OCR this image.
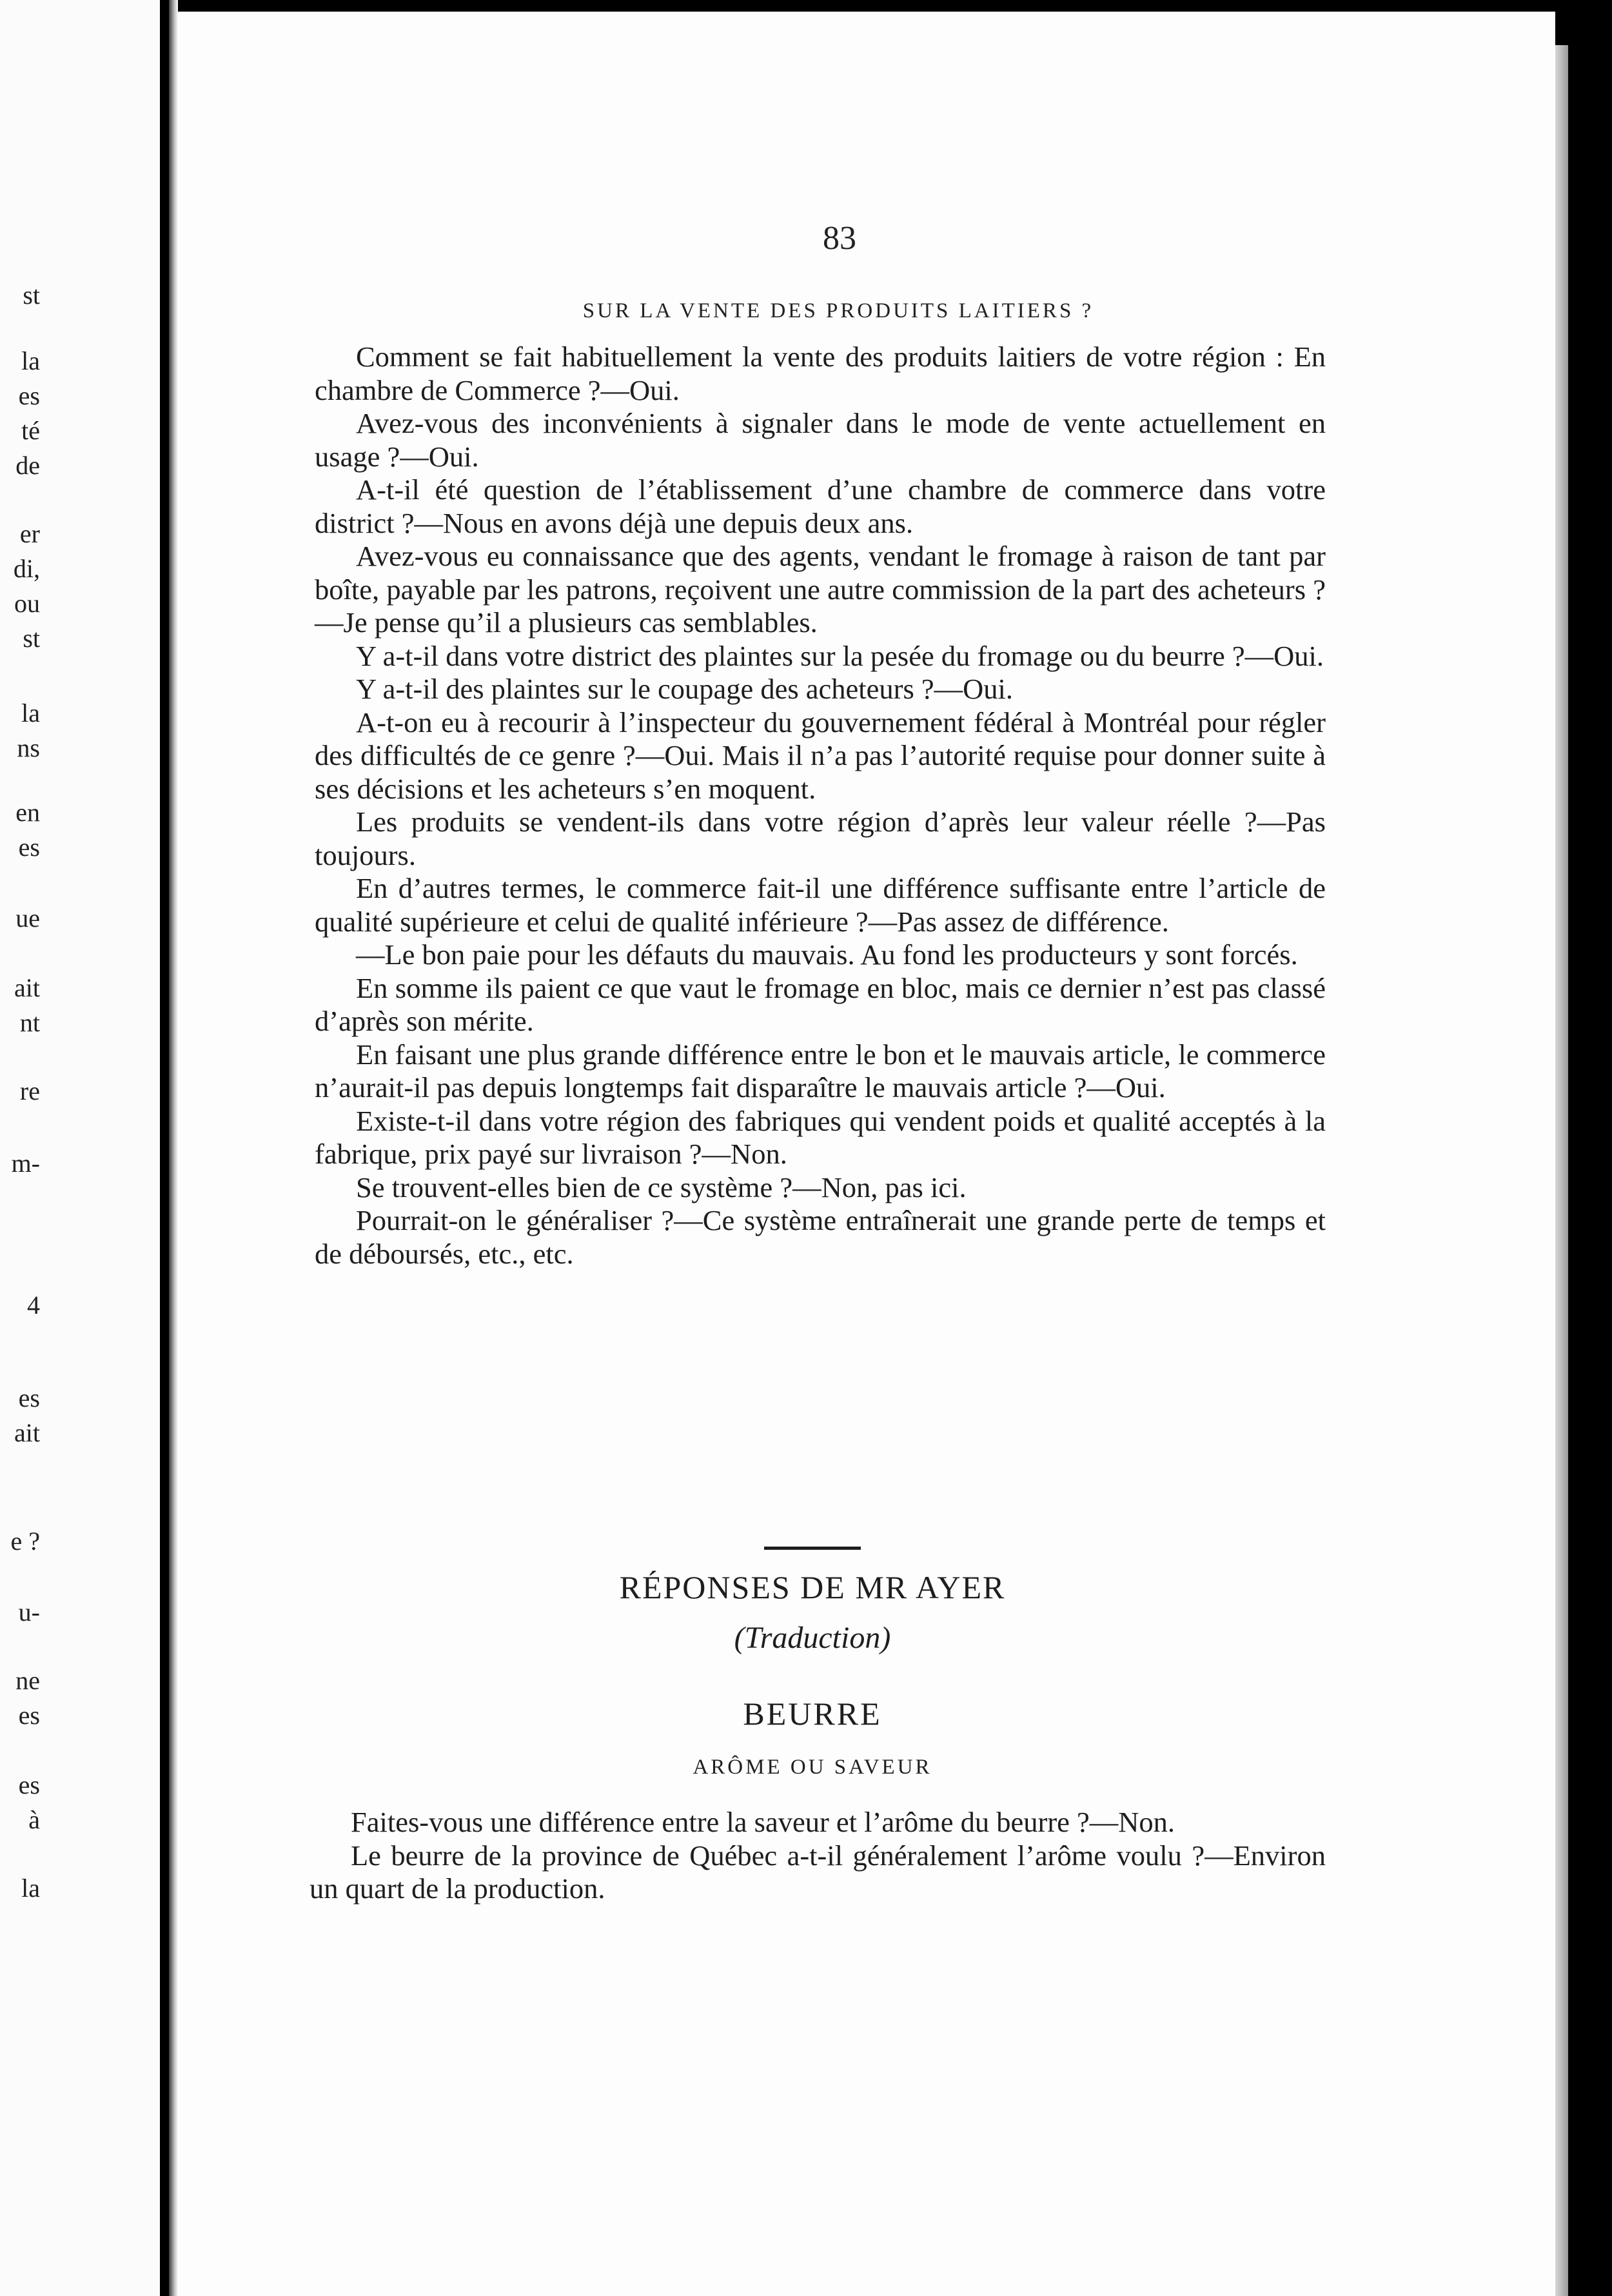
st
la
es
té
de
er
di,
ou
st
la
ns
en
es
ue
ait
nt
re
m-
4
es
ait
e ?
u-
ne
es
es
à
la
83
SUR LA VENTE DES PRODUITS LAITIERS ?

Comment se fait habituellement la vente des produits laitiers de votre région : En chambre de Commerce ?—Oui.

Avez-vous des inconvénients à signaler dans le mode de vente actuellement en usage ?—Oui.

A-t-il été question de l’établissement d’une chambre de commerce dans votre district ?—Nous en avons déjà une depuis deux ans.

Avez-vous eu connaissance que des agents, vendant le fromage à raison de tant par boîte, payable par les patrons, reçoivent une autre commission de la part des acheteurs ?—Je pense qu’il a plusieurs cas semblables.

Y a-t-il dans votre district des plaintes sur la pesée du fromage ou du beurre ?—Oui.

Y a-t-il des plaintes sur le coupage des acheteurs ?—Oui.

A-t-on eu à recourir à l’inspecteur du gouvernement fédéral à Montréal pour régler des difficultés de ce genre ?—Oui. Mais il n’a pas l’autorité requise pour donner suite à ses décisions et les acheteurs s’en moquent.

Les produits se vendent-ils dans votre région d’après leur valeur réelle ?—Pas toujours.

En d’autres termes, le commerce fait-il une différence suffisante entre l’article de qualité supérieure et celui de qualité inférieure ?—Pas assez de différence.

—Le bon paie pour les défauts du mauvais. Au fond les producteurs y sont forcés.

En somme ils paient ce que vaut le fromage en bloc, mais ce dernier n’est pas classé d’après son mérite.

En faisant une plus grande différence entre le bon et le mauvais article, le commerce n’aurait-il pas depuis longtemps fait disparaître le mauvais article ?—Oui.

Existe-t-il dans votre région des fabriques qui vendent poids et qualité acceptés à la fabrique, prix payé sur livraison ?—Non.

Se trouvent-elles bien de ce système ?—Non, pas ici.

Pourrait-on le généraliser ?—Ce système entraînerait une grande perte de temps et de déboursés, etc., etc.

RÉPONSES DE MR AYER
(Traduction)
BEURRE
ARÔME OU SAVEUR

Faites-vous une différence entre la saveur et l’arôme du beurre ?—Non.

Le beurre de la province de Québec a-t-il généralement l’arôme voulu ?—Environ un quart de la production.
